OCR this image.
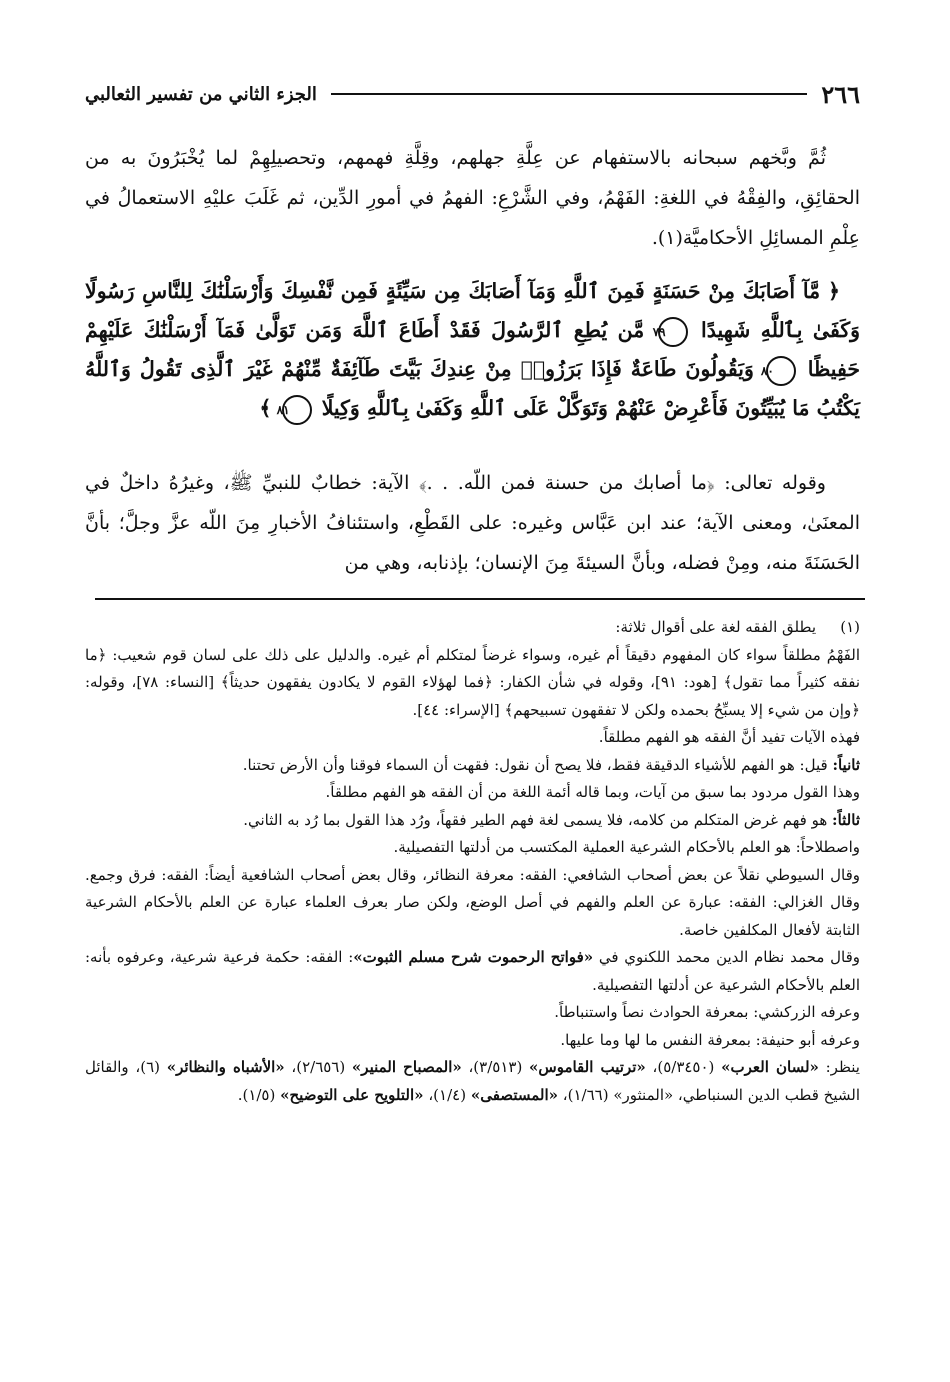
٢٦٦
الجزء الثاني من تفسير الثعالبي

ثُمَّ وبَّخهم سبحانه بالاستفهام عن عِلَّةِ جهلهم، وقِلَّةِ فهمهم، وتحصيلِهِمْ لما يُخْبَرُونَ به من الحقائِقِ، والفِقْهُ في اللغةِ: الفَهْمُ، وفي الشَّرْعِ: الفهمُ في أمورِ الدِّين، ثم غَلَبَ عليْهِ الاستعمالُ في عِلْمِ المسائِلِ الأحكاميَّة(١).

﴿ مَّآ أَصَابَكَ مِنْ حَسَنَةٍ فَمِنَ ٱللَّهِ وَمَآ أَصَابَكَ مِن سَيِّئَةٍ فَمِن نَّفْسِكَ وَأَرْسَلْنَٰكَ لِلنَّاسِ رَسُولًا وَكَفَىٰ بِٱللَّهِ شَهِيدًا ٧٩ مَّن يُطِعِ ٱلرَّسُولَ فَقَدْ أَطَاعَ ٱللَّهَ وَمَن تَوَلَّىٰ فَمَآ أَرْسَلْنَٰكَ عَلَيْهِمْ حَفِيظًا ٨٠ وَيَقُولُونَ طَاعَةٌ فَإِذَا بَرَزُوا۟ مِنْ عِندِكَ بَيَّتَ طَآئِفَةٌ مِّنْهُمْ غَيْرَ ٱلَّذِى تَقُولُ وَٱللَّهُ يَكْتُبُ مَا يُبَيِّتُونَ فَأَعْرِضْ عَنْهُمْ وَتَوَكَّلْ عَلَى ٱللَّهِ وَكَفَىٰ بِٱللَّهِ وَكِيلًا ٨١ ﴾

وقوله تعالى: ﴿ما أصابك من حسنة فمن اللّه. . .﴾ الآية: خطابٌ للنبيِّ ﷺ، وغيرُهُ داخلٌ في المعنَىٰ، ومعنى الآية؛ عند ابن عَبَّاس وغيره: على القَطْعِ، واستئنافُ الأخبارِ مِنَ اللّه عزَّ وجلَّ؛ بأنَّ الحَسَنَةَ منه، ومِنْ فضله، وبأنَّ السيئةَ مِنَ الإنسان؛ بإذنابه، وهي من

(١)
يطلق الفقه لغة على أقوال ثلاثة:

الفَهْمُ مطلقاً سواء كان المفهوم دقيقاً أم غيره، وسواء غرضاً لمتكلم أم غيره. والدليل على ذلك على لسان قوم شعيب: ﴿ما نفقه كثيراً مما تقول﴾ [هود: ٩١]، وقوله في شأن الكفار: ﴿فما لهؤلاء القوم لا يكادون يفقهون حديثاً﴾ [النساء: ٧٨]، وقوله: ﴿وإن من شيء إلا يسبِّحُ بحمده ولكن لا تفقهون تسبيحهم﴾ [الإسراء: ٤٤].

فهذه الآيات تفيد أنَّ الفقه هو الفهم مطلقاً.

ثانياً: قيل: هو الفهم للأشياء الدقيقة فقط، فلا يصح أن نقول: فقهت أن السماء فوقنا وأن الأرض تحتنا.

وهذا القول مردود بما سبق من آيات، وبما قاله أئمة اللغة من أن الفقه هو الفهم مطلقاً.

ثالثاً: هو فهم غرض المتكلم من كلامه، فلا يسمى لغة فهم الطير فقهاً، ورُد هذا القول بما رُد به الثاني.

واصطلاحاً: هو العلم بالأحكام الشرعية العملية المكتسب من أدلتها التفصيلية.

وقال السيوطي نقلاً عن بعض أصحاب الشافعي: الفقه: معرفة النظائر، وقال بعض أصحاب الشافعية أيضاً: الفقه: فرق وجمع. وقال الغزالي: الفقه: عبارة عن العلم والفهم في أصل الوضع، ولكن صار بعرف العلماء عبارة عن العلم بالأحكام الشرعية الثابتة لأفعال المكلفين خاصة.

وقال محمد نظام الدين محمد اللكنوي في «فواتح الرحموت شرح مسلم الثبوت»: الفقه: حكمة فرعية شرعية، وعرفوه بأنه: العلم بالأحكام الشرعية عن أدلتها التفصيلية.

وعرفه الزركشي: بمعرفة الحوادث نصاً واستنباطاً.

وعرفه أبو حنيفة: بمعرفة النفس ما لها وما عليها.

ينظر: «لسان العرب» (٥/٣٤٥٠)، «ترتيب القاموس» (٣/٥١٣)، «المصباح المنير» (٢/٦٥٦)، «الأشباه والنظائر» (٦)، والقائل الشيخ قطب الدين السنباطي، «المنثور» (١/٦٦)، «المستصفى» (١/٤)، «التلويح على التوضيح» (١/٥).
